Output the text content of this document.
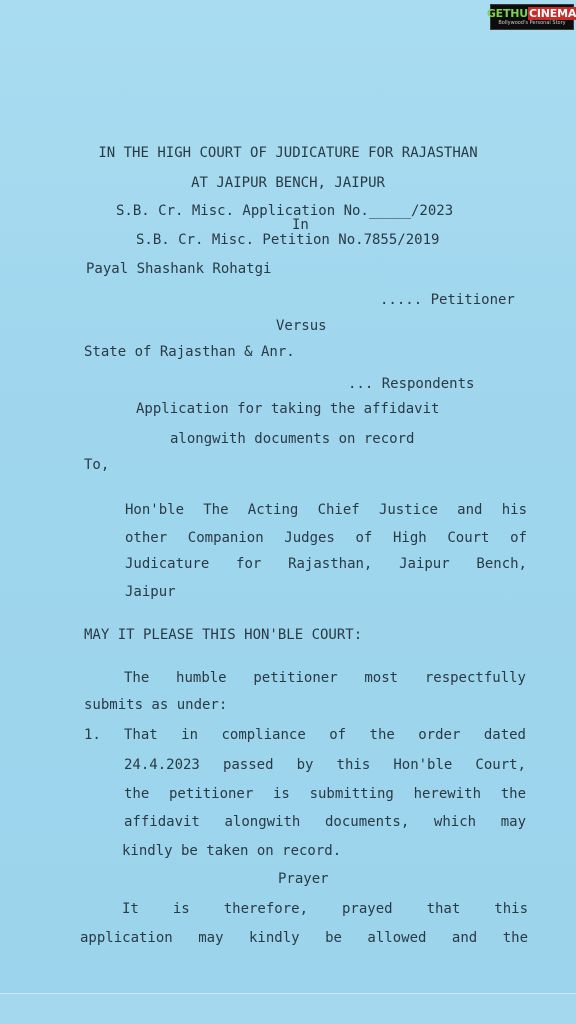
GETHUCINEMA
Bollywood's Personal Story
IN THE HIGH COURT OF JUDICATURE FOR RAJASTHAN
AT JAIPUR BENCH, JAIPUR
S.B. Cr. Misc. Application No._____/2023
In
S.B. Cr. Misc. Petition No.7855/2019
Payal Shashank Rohatgi
..... Petitioner
Versus
State of Rajasthan & Anr.
... Respondents
Application for taking the affidavit
alongwith documents on record
To,
Hon'ble The Acting Chief Justice and his
other Companion Judges of High Court of
Judicature for Rajasthan, Jaipur Bench,
Jaipur
MAY IT PLEASE THIS HON'BLE COURT:
The humble petitioner most respectfully
submits as under:
1. That in compliance of the order dated
24.4.2023 passed by this Hon'ble Court,
the petitioner is submitting herewith the
affidavit alongwith documents, which may
kindly be taken on record.
Prayer
It is therefore, prayed that this
application may kindly be allowed and the
